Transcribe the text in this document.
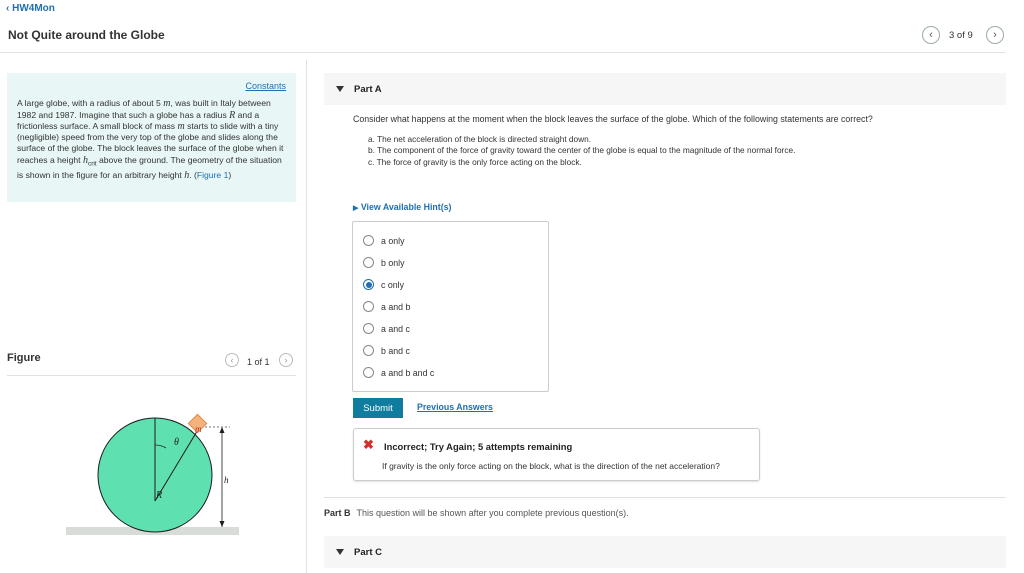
‹ HW4Mon
Not Quite around the Globe	‹ 3 of 9 ›
Constants
A large globe, with a radius of about 5 m, was built in Italy between 1982 and 1987. Imagine that such a globe has a radius R and a frictionless surface. A small block of mass m starts to slide with a tiny (negligible) speed from the very top of the globe and slides along the surface of the globe. The block leaves the surface of the globe when it reaches a height $h_{crit}$ above the ground. The geometry of the situation is shown in the figure for an arbitrary height h. (Figure 1)
Figure	‹ 1 of 1 ›
m
θ
R
h
Part A
Consider what happens at the moment when the block leaves the surface of the globe. Which of the following statements are correct?
a. The net acceleration of the block is directed straight down.
b. The component of the force of gravity toward the center of the globe is equal to the magnitude of the normal force.
c. The force of gravity is the only force acting on the block.
▶ View Available Hint(s)
a only
b only
c only
a and b
a and c
b and c
a and b and c
Submit	Previous Answers
✖ Incorrect; Try Again; 5 attempts remaining
If gravity is the only force acting on the block, what is the direction of the net acceleration?
Part B This question will be shown after you complete previous question(s).
Part C
